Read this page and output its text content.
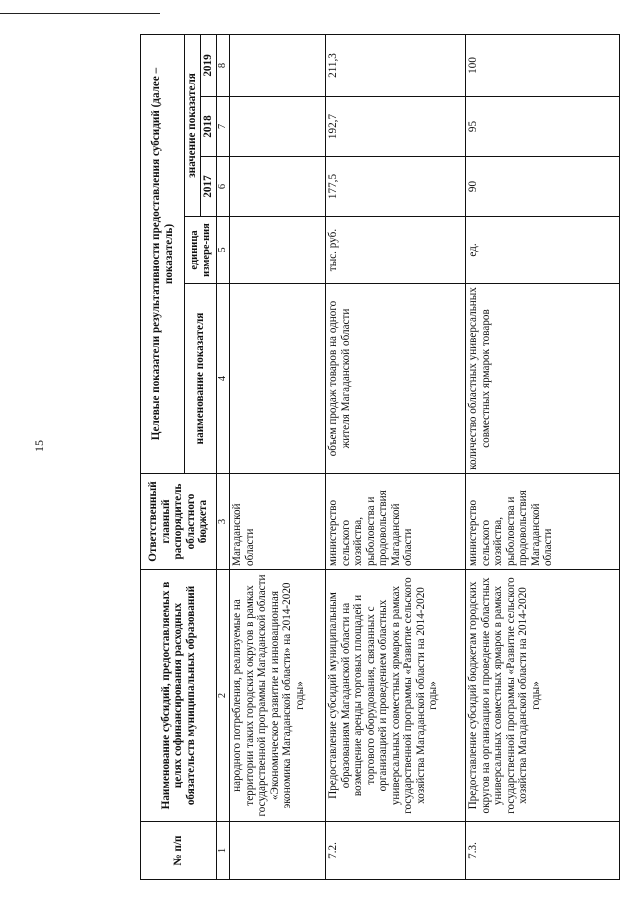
15
№ п/п	Наименование субсидий, предоставляемых в целях софинансирования расходных обязательств муниципальных образований	Ответственный главный распорядитель областного бюджета	Целевые показатели результативности предоставления субсидий (далее – показатель)				
			наименование показателя	единица измере-ния	значение показателя		
					2017	2018	2019
1	2	3	4	5	6	7	8
	народного потребления, реализуемые на территории таких городских округов в рамках государственной программы Магаданской области «Экономическое развитие и инновационная экономика Магаданской области» на 2014-2020 годы»	Магаданской области					
7.2.	Предоставление субсидий муниципальным образованиям Магаданской области на возмещение аренды торговых площадей и торгового оборудования, связанных с организацией и проведением областных универсальных совместных ярмарок в рамках государственной программы «Развитие сельского хозяйства Магаданской области на 2014-2020 годы»	министерство сельского хозяйства, рыболовства и продовольствия Магаданской области	объем продаж товаров на одного жителя Магаданской области	тыс. руб.	177,5	192,7	211,3
7.3.	Предоставление субсидий бюджетам городских округов на организацию и проведение областных универсальных совместных ярмарок в рамках государственной программы «Развитие сельского хозяйства Магаданской области на 2014-2020 годы»	министерство сельского хозяйства, рыболовства и продовольствия Магаданской области	количество областных универсальных совместных ярмарок товаров	ед.	90	95	100
